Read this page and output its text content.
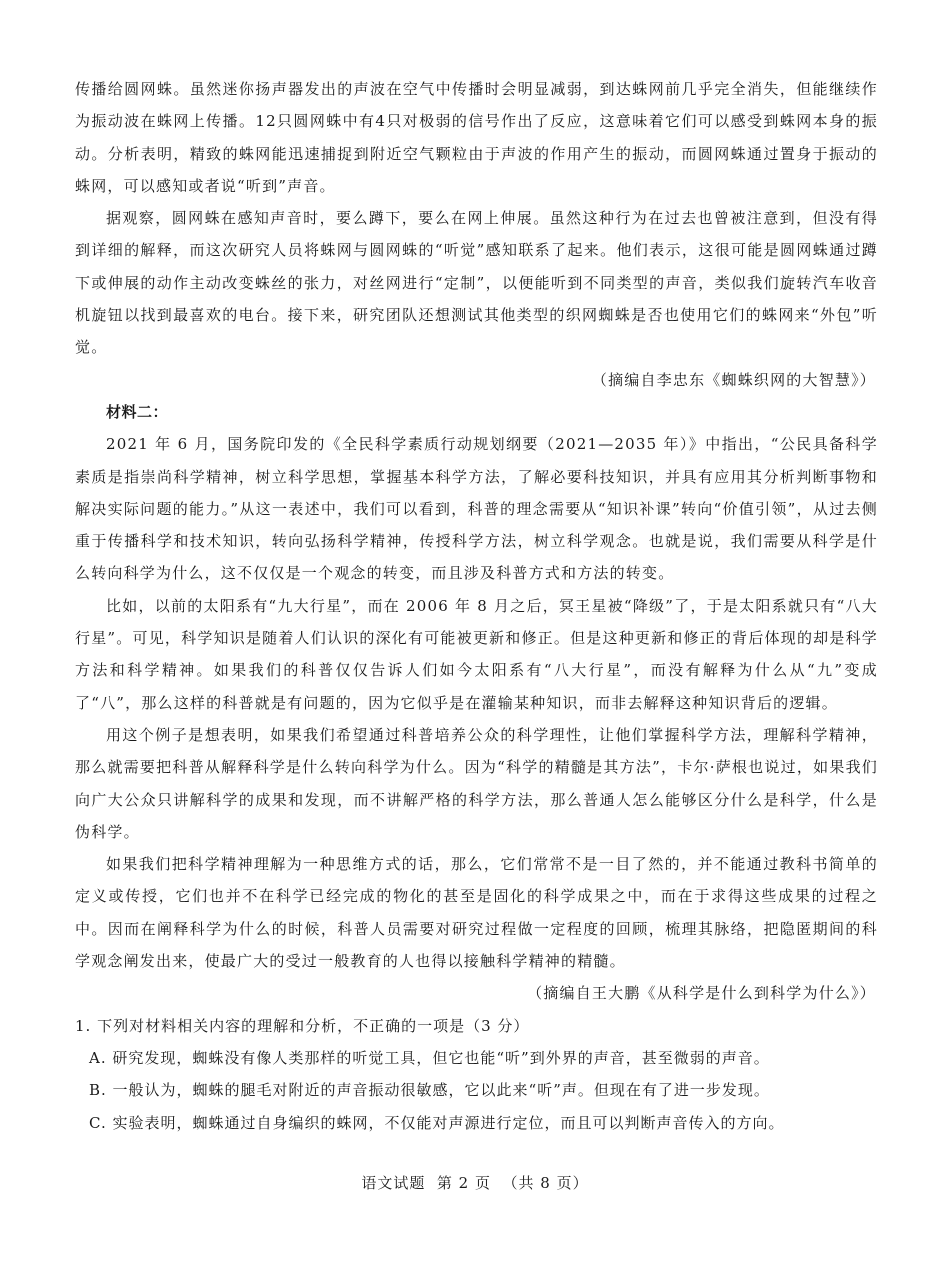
传播给圆网蛛。虽然迷你扬声器发出的声波在空气中传播时会明显减弱，到达蛛网前几乎完全消失，但能继续作为振动波在蛛网上传播。12只圆网蛛中有4只对极弱的信号作出了反应，这意味着它们可以感受到蛛网本身的振动。分析表明，精致的蛛网能迅速捕捉到附近空气颗粒由于声波的作用产生的振动，而圆网蛛通过置身于振动的蛛网，可以感知或者说“听到”声音。

据观察，圆网蛛在感知声音时，要么蹲下，要么在网上伸展。虽然这种行为在过去也曾被注意到，但没有得到详细的解释，而这次研究人员将蛛网与圆网蛛的“听觉”感知联系了起来。他们表示，这很可能是圆网蛛通过蹲下或伸展的动作主动改变蛛丝的张力，对丝网进行“定制”，以便能听到不同类型的声音，类似我们旋转汽车收音机旋钮以找到最喜欢的电台。接下来，研究团队还想测试其他类型的织网蜘蛛是否也使用它们的蛛网来“外包”听觉。

（摘编自李忠东《蜘蛛织网的大智慧》）

材料二：

2021 年 6 月，国务院印发的《全民科学素质行动规划纲要（2021—2035 年）》中指出，“公民具备科学素质是指崇尚科学精神，树立科学思想，掌握基本科学方法，了解必要科技知识，并具有应用其分析判断事物和解决实际问题的能力。”从这一表述中，我们可以看到，科普的理念需要从“知识补课”转向“价值引领”，从过去侧重于传播科学和技术知识，转向弘扬科学精神，传授科学方法，树立科学观念。也就是说，我们需要从科学是什么转向科学为什么，这不仅仅是一个观念的转变，而且涉及科普方式和方法的转变。

比如，以前的太阳系有“九大行星”，而在 2006 年 8 月之后，冥王星被“降级”了，于是太阳系就只有“八大行星”。可见，科学知识是随着人们认识的深化有可能被更新和修正。但是这种更新和修正的背后体现的却是科学方法和科学精神。如果我们的科普仅仅告诉人们如今太阳系有“八大行星”，而没有解释为什么从“九”变成了“八”，那么这样的科普就是有问题的，因为它似乎是在灌输某种知识，而非去解释这种知识背后的逻辑。

用这个例子是想表明，如果我们希望通过科普培养公众的科学理性，让他们掌握科学方法，理解科学精神，那么就需要把科普从解释科学是什么转向科学为什么。因为“科学的精髓是其方法”，卡尔·萨根也说过，如果我们向广大公众只讲解科学的成果和发现，而不讲解严格的科学方法，那么普通人怎么能够区分什么是科学，什么是伪科学。

如果我们把科学精神理解为一种思维方式的话，那么，它们常常不是一目了然的，并不能通过教科书简单的定义或传授，它们也并不在科学已经完成的物化的甚至是固化的科学成果之中，而在于求得这些成果的过程之中。因而在阐释科学为什么的时候，科普人员需要对研究过程做一定程度的回顾，梳理其脉络，把隐匿期间的科学观念阐发出来，使最广大的受过一般教育的人也得以接触科学精神的精髓。

（摘编自王大鹏《从科学是什么到科学为什么》）

1. 下列对材料相关内容的理解和分析，不正确的一项是（3 分）

A. 研究发现，蜘蛛没有像人类那样的听觉工具，但它也能“听”到外界的声音，甚至微弱的声音。

B. 一般认为，蜘蛛的腿毛对附近的声音振动很敏感，它以此来“听”声。但现在有了进一步发现。

C. 实验表明，蜘蛛通过自身编织的蛛网，不仅能对声源进行定位，而且可以判断声音传入的方向。

语文试题  第 2 页  （共 8 页）
